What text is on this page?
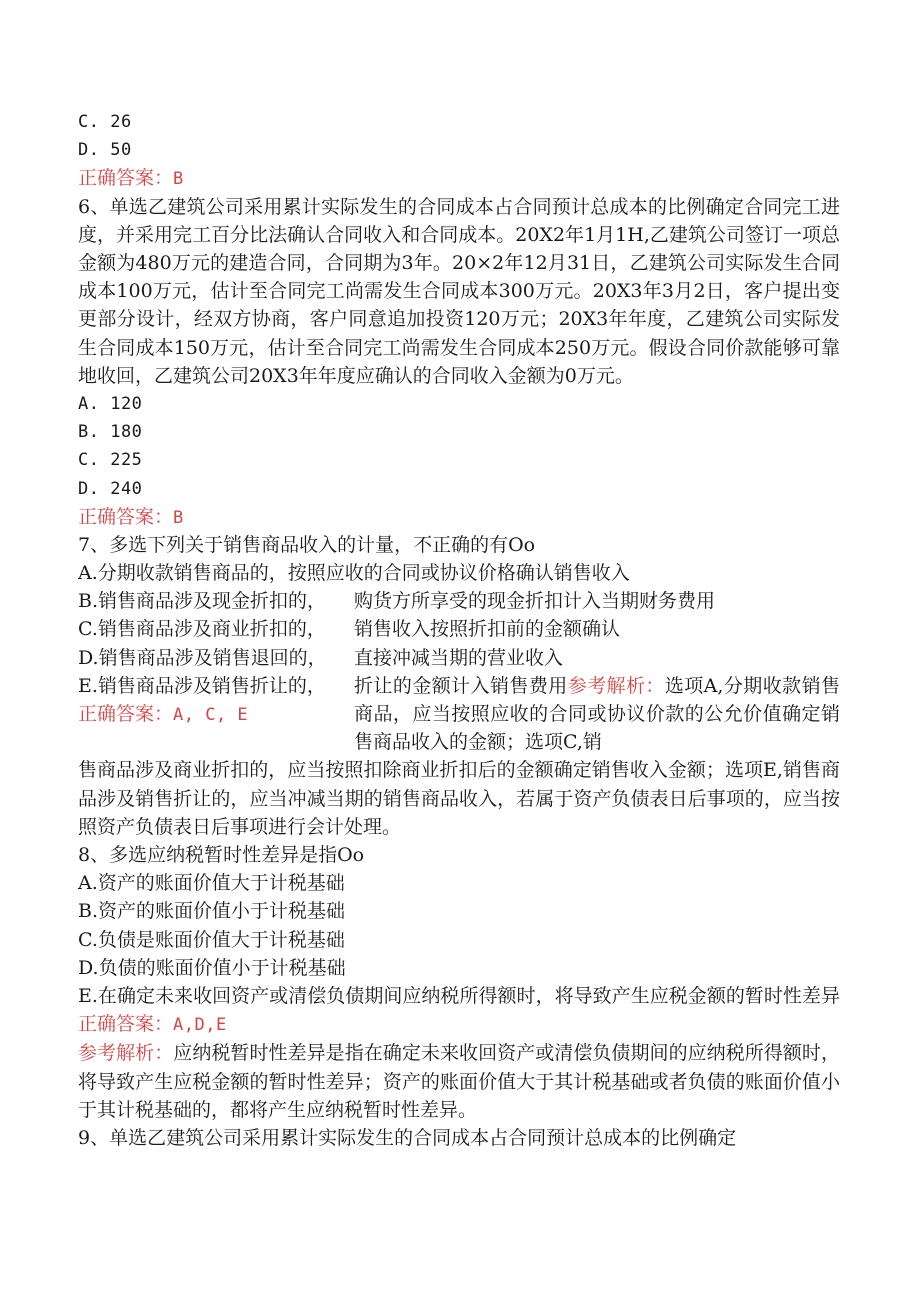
C. 26
D. 50
正确答案：B
6、单选乙建筑公司采用累计实际发生的合同成本占合同预计总成本的比例确定合同完工进度，并采用完工百分比法确认合同收入和合同成本。20X2年1月1H,乙建筑公司签订一项总金额为480万元的建造合同，合同期为3年。20×2年12月31日，乙建筑公司实际发生合同成本100万元，估计至合同完工尚需发生合同成本300万元。20X3年3月2日，客户提出变更部分设计，经双方协商，客户同意追加投资120万元；20X3年年度，乙建筑公司实际发生合同成本150万元，估计至合同完工尚需发生合同成本250万元。假设合同价款能够可靠地收回，乙建筑公司20X3年年度应确认的合同收入金额为0万元。
A. 120
B. 180
C. 225
D. 240
正确答案：B
7、多选下列关于销售商品收入的计量，不正确的有Oo
A.分期收款销售商品的，按照应收的合同或协议价格确认销售收入
B.销售商品涉及现金折扣的， 购货方所享受的现金折扣计入当期财务费用
C.销售商品涉及商业折扣的， 销售收入按照折扣前的金额确认
D.销售商品涉及销售退回的， 直接冲减当期的营业收入
E.销售商品涉及销售折让的，
正确答案：A, C, E
折让的金额计入销售费用参考解析：选项A,分期收款销售商品，应当按照应收的合同或协议价款的公允价值确定销售商品收入的金额；选项C,销
售商品涉及商业折扣的，应当按照扣除商业折扣后的金额确定销售收入金额；选项E,销售商品涉及销售折让的，应当冲减当期的销售商品收入，若属于资产负债表日后事项的，应当按照资产负债表日后事项进行会计处理。
8、多选应纳税暂时性差异是指Oo
A.资产的账面价值大于计税基础
B.资产的账面价值小于计税基础
C.负债是账面价值大于计税基础
D.负债的账面价值小于计税基础
E.在确定未来收回资产或清偿负债期间应纳税所得额时，将导致产生应税金额的暂时性差异正确答案：A,D,E
参考解析：应纳税暂时性差异是指在确定未来收回资产或清偿负债期间的应纳税所得额时，将导致产生应税金额的暂时性差异；资产的账面价值大于其计税基础或者负债的账面价值小于其计税基础的，都将产生应纳税暂时性差异。
9、单选乙建筑公司采用累计实际发生的合同成本占合同预计总成本的比例确定
